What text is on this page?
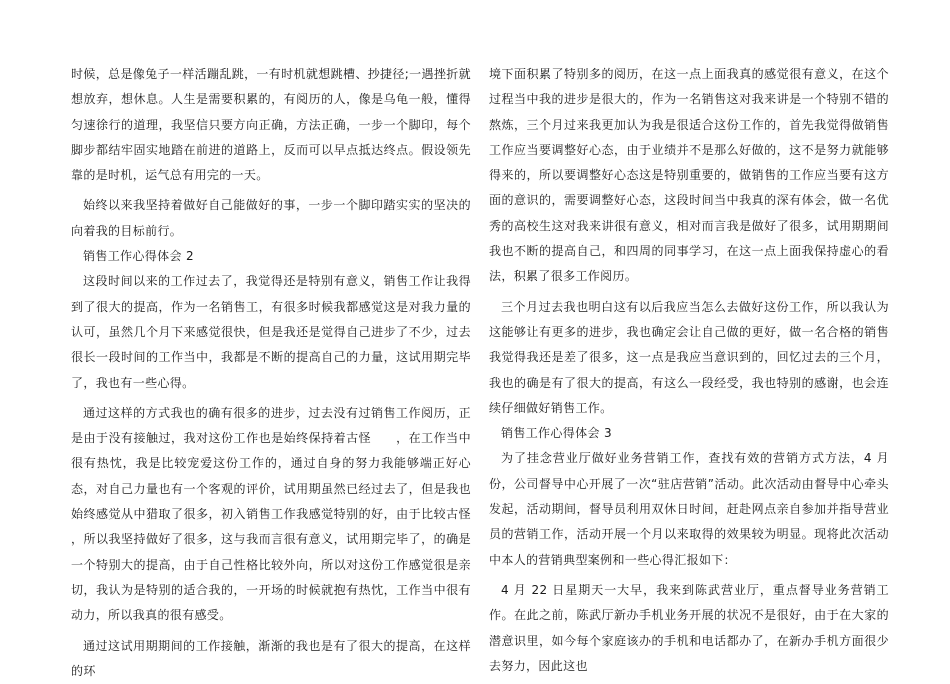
时候，总是像兔子一样活蹦乱跳，一有时机就想跳槽、抄捷径;一遇挫折就想放弃，想休息。人生是需要积累的，有阅历的人，像是乌龟一般，懂得匀速徐行的道理，我坚信只要方向正确，方法正确，一步一个脚印，每个脚步都结牢固实地踏在前进的道路上，反而可以早点抵达终点。假设领先靠的是时机，运气总有用完的一天。

始终以来我坚持着做好自己能做好的事，一步一个脚印踏实实的坚决的向着我的目标前行。

销售工作心得体会 2

这段时间以来的工作过去了，我觉得还是特别有意义，销售工作让我得到了很大的提高，作为一名销售工，有很多时候我都感觉这是对我力量的认可，虽然几个月下来感觉很快，但是我还是觉得自己进步了不少，过去很长一段时间的工作当中，我都是不断的提高自己的力量，这试用期完毕了，我也有一些心得。

通过这样的方式我也的确有很多的进步，过去没有过销售工作阅历，正是由于没有接触过，我对这份工作也是始终保持着古怪　　，在工作当中很有热忱，我是比较宠爱这份工作的，通过自身的努力我能够端正好心态，对自己力量也有一个客观的评价，试用期虽然已经过去了，但是我也始终感觉从中猎取了很多，初入销售工作我感觉特别的好，由于比较古怪　　，所以我坚持做好了很多，这与我而言很有意义，试用期完毕了，的确是一个特别大的提高，由于自己性格比较外向，所以对这份工作感觉很是亲切，我认为是特别的适合我的，一开场的时候就抱有热忱，工作当中很有动力，所以我真的很有感受。

通过这试用期期间的工作接触，渐渐的我也是有了很大的提高，在这样的环

境下面积累了特别多的阅历，在这一点上面我真的感觉很有意义，在这个过程当中我的进步是很大的，作为一名销售这对我来讲是一个特别不错的熬炼，三个月过来我更加认为我是很适合这份工作的，首先我觉得做销售工作应当要调整好心态，由于业绩并不是那么好做的，这不是努力就能够得来的，所以要调整好心态这是特别重要的，做销售的工作应当要有这方面的意识的，需要调整好心态，这段时间当中我真的深有体会，做一名优秀的高校生这对我来讲很有意义，相对而言我是做好了很多，试用期期间我也不断的提高自己，和四周的同事学习，在这一点上面我保持虚心的看法，积累了很多工作阅历。

三个月过去我也明白这有以后我应当怎么去做好这份工作，所以我认为这能够让有更多的进步，我也确定会让自己做的更好，做一名合格的销售我觉得我还是差了很多，这一点是我应当意识到的，回忆过去的三个月，我也的确是有了很大的提高，有这么一段经受，我也特别的感谢，也会连续仔细做好销售工作。

销售工作心得体会 3

为了挂念营业厅做好业务营销工作，查找有效的营销方式方法，4 月份，公司督导中心开展了一次“驻店营销”活动。此次活动由督导中心牵头发起，活动期间，督导员利用双休日时间，赶赴网点亲自参加并指导营业员的营销工作，活动开展一个月以来取得的效果较为明显。现将此次活动中本人的营销典型案例和一些心得汇报如下：

4 月 22 日星期天一大早，我来到陈武营业厅，重点督导业务营销工作。在此之前，陈武厅新办手机业务开展的状况不是很好，由于在大家的潜意识里，如今每个家庭该办的手机和电话都办了，在新办手机方面很少去努力，因此这也
